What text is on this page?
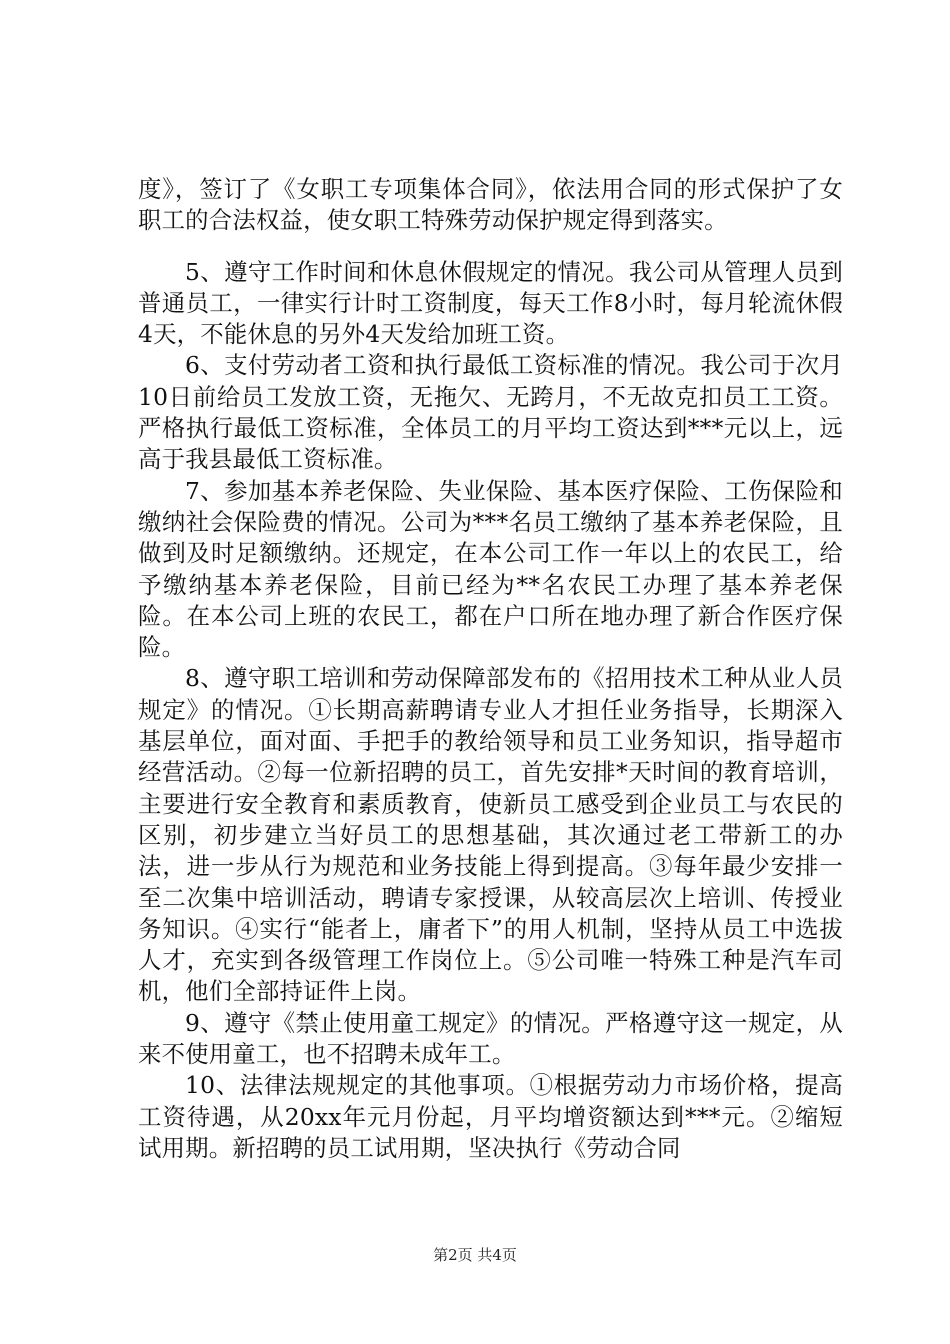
度》，签订了《女职工专项集体合同》，依法用合同的形式保护了女职工的合法权益，使女职工特殊劳动保护规定得到落实。

5、遵守工作时间和休息休假规定的情况。我公司从管理人员到普通员工，一律实行计时工资制度，每天工作8小时，每月轮流休假4天，不能休息的另外4天发给加班工资。

6、支付劳动者工资和执行最低工资标准的情况。我公司于次月10日前给员工发放工资，无拖欠、无跨月，不无故克扣员工工资。严格执行最低工资标准，全体员工的月平均工资达到***元以上，远高于我县最低工资标准。

7、参加基本养老保险、失业保险、基本医疗保险、工伤保险和缴纳社会保险费的情况。公司为***名员工缴纳了基本养老保险，且做到及时足额缴纳。还规定，在本公司工作一年以上的农民工，给予缴纳基本养老保险，目前已经为**名农民工办理了基本养老保险。在本公司上班的农民工，都在户口所在地办理了新合作医疗保险。

8、遵守职工培训和劳动保障部发布的《招用技术工种从业人员规定》的情况。①长期高薪聘请专业人才担任业务指导，长期深入基层单位，面对面、手把手的教给领导和员工业务知识，指导超市经营活动。②每一位新招聘的员工，首先安排*天时间的教育培训，主要进行安全教育和素质教育，使新员工感受到企业员工与农民的区别，初步建立当好员工的思想基础，其次通过老工带新工的办法，进一步从行为规范和业务技能上得到提高。③每年最少安排一至二次集中培训活动，聘请专家授课，从较高层次上培训、传授业务知识。④实行“能者上，庸者下”的用人机制，坚持从员工中选拔人才，充实到各级管理工作岗位上。⑤公司唯一特殊工种是汽车司机，他们全部持证件上岗。

9、遵守《禁止使用童工规定》的情况。严格遵守这一规定，从来不使用童工，也不招聘未成年工。

10、法律法规规定的其他事项。①根据劳动力市场价格，提高工资待遇，从20xx年元月份起，月平均增资额达到***元。②缩短试用期。新招聘的员工试用期，坚决执行《劳动合同

第2页 共4页
